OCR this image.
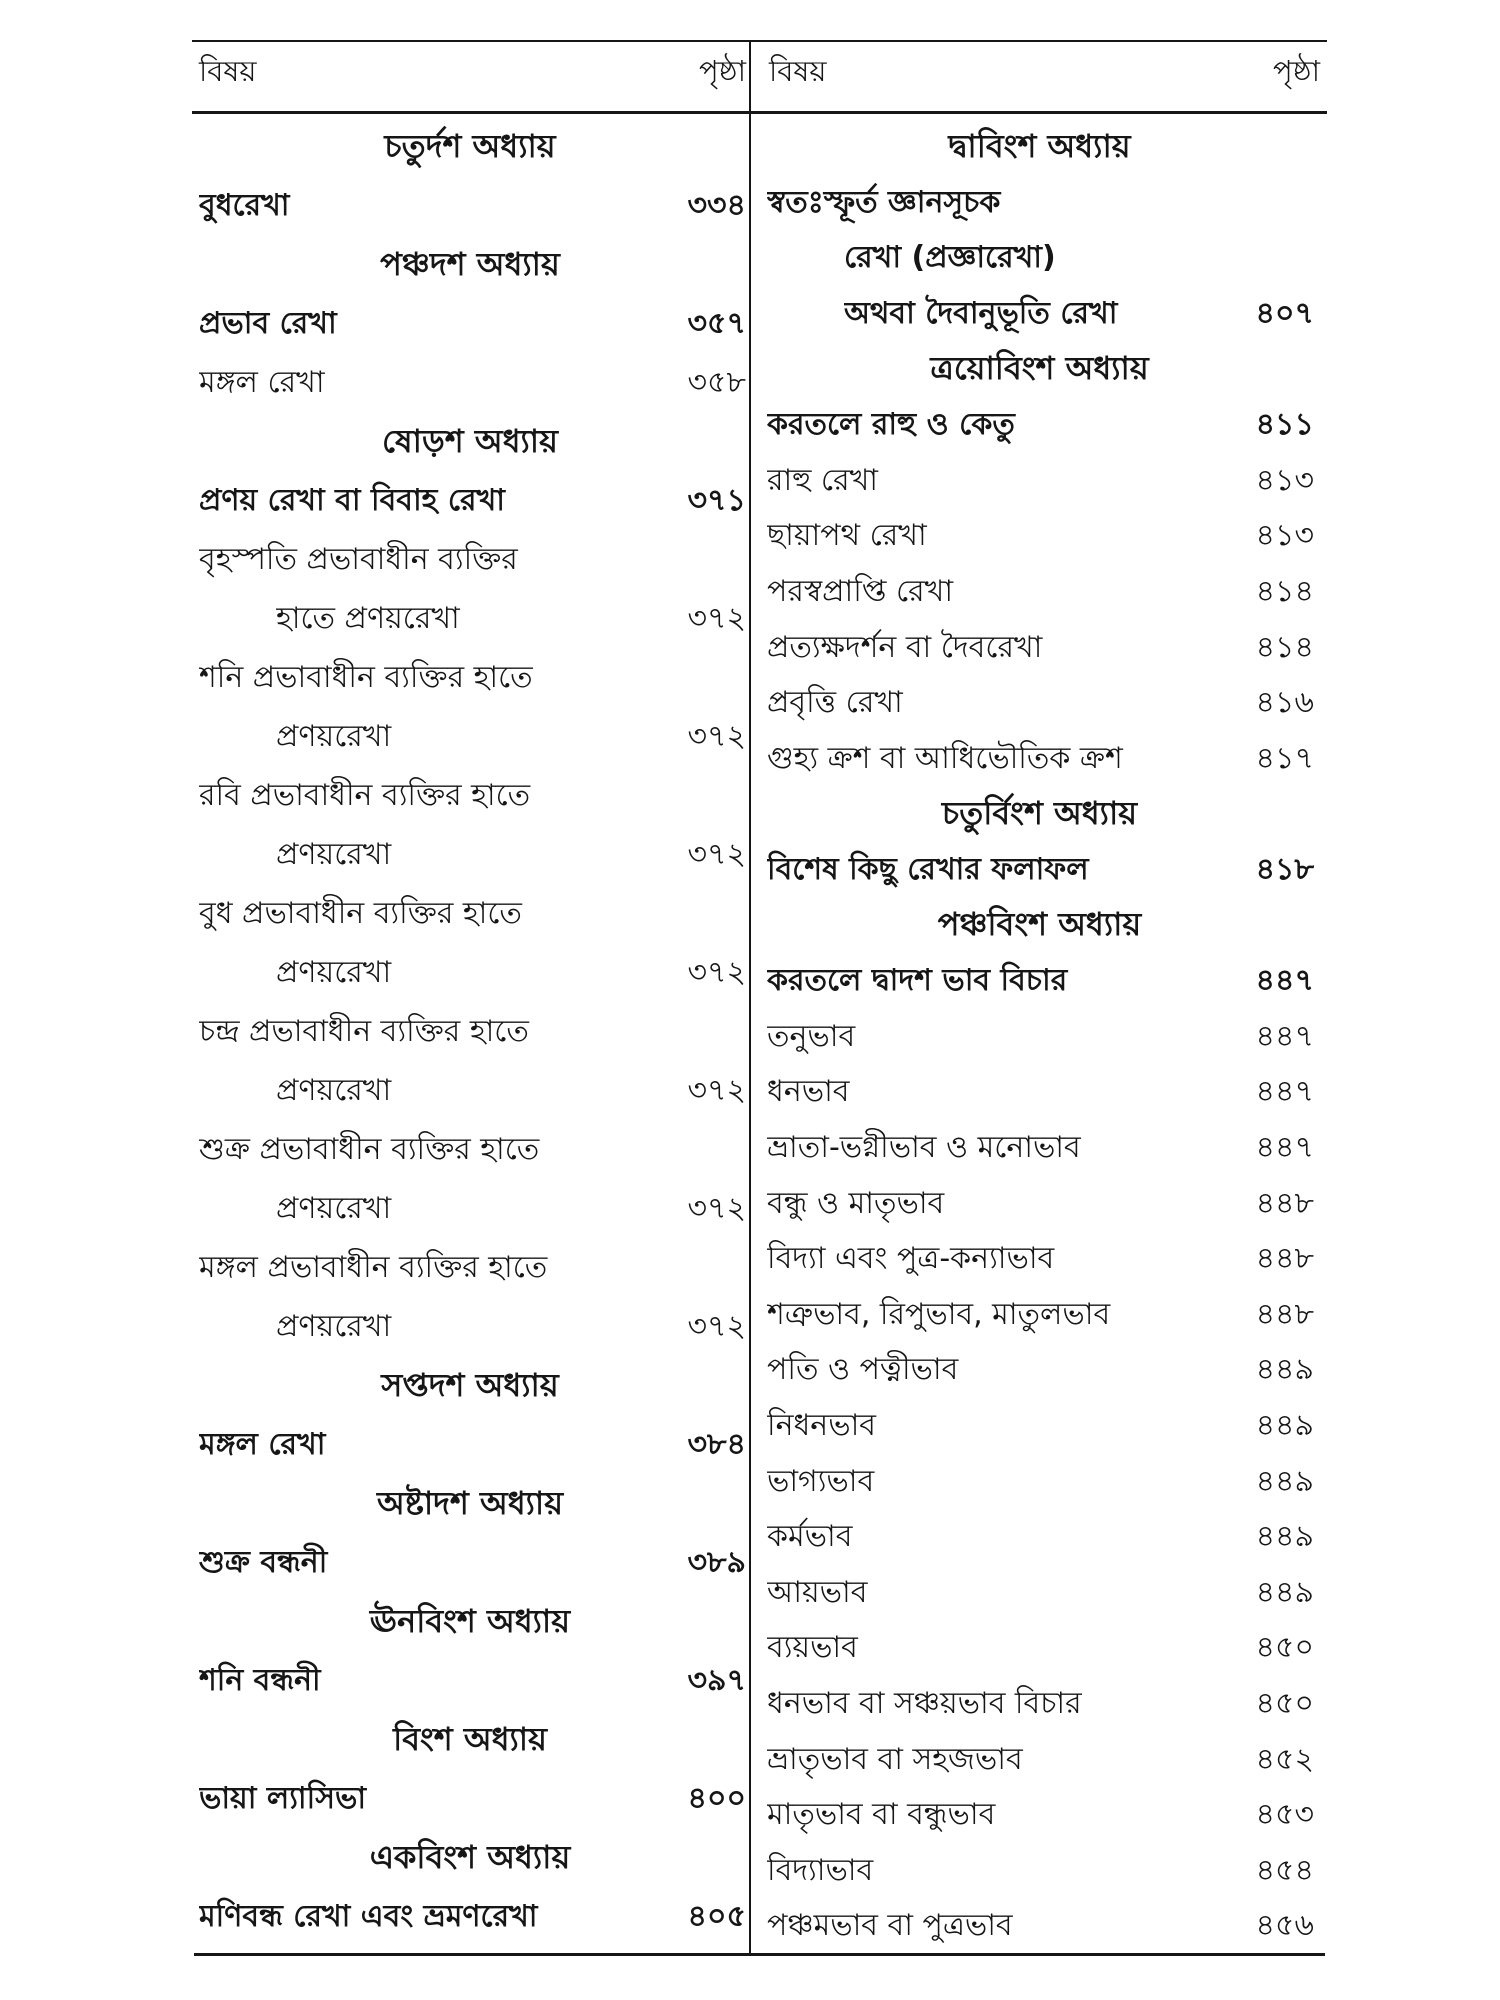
বিষয়	পৃষ্ঠা বিষয়	পৃষ্ঠা
চতুর্দশ অধ্যায়
বুধরেখা	৩৩৪
পঞ্চদশ অধ্যায়
প্রভাব রেখা	৩৫৭
মঙ্গল রেখা	৩৫৮
ষোড়শ অধ্যায়
প্রণয় রেখা বা বিবাহ রেখা	৩৭১
বৃহস্পতি প্রভাবাধীন ব্যক্তির
হাতে প্রণয়রেখা	৩৭২
শনি প্রভাবাধীন ব্যক্তির হাতে
প্রণয়রেখা	৩৭২
রবি প্রভাবাধীন ব্যক্তির হাতে
প্রণয়রেখা	৩৭২
বুধ প্রভাবাধীন ব্যক্তির হাতে
প্রণয়রেখা	৩৭২
চন্দ্র প্রভাবাধীন ব্যক্তির হাতে
প্রণয়রেখা	৩৭২
শুক্র প্রভাবাধীন ব্যক্তির হাতে
প্রণয়রেখা	৩৭২
মঙ্গল প্রভাবাধীন ব্যক্তির হাতে
প্রণয়রেখা	৩৭২
সপ্তদশ অধ্যায়
মঙ্গল রেখা	৩৮৪
অষ্টাদশ অধ্যায়
শুক্র বন্ধনী	৩৮৯
ঊনবিংশ অধ্যায়
শনি বন্ধনী	৩৯৭
বিংশ অধ্যায়
ভায়া ল্যাসিভা	৪০০
একবিংশ অধ্যায়
মণিবন্ধ রেখা এবং ভ্রমণরেখা	৪০৫
দ্বাবিংশ অধ্যায়
স্বতঃস্ফূর্ত জ্ঞানসূচক
রেখা (প্রজ্ঞারেখা)
অথবা দৈবানুভূতি রেখা	৪০৭
ত্রয়োবিংশ অধ্যায়
করতলে রাহু ও কেতু	৪১১
রাহু রেখা	৪১৩
ছায়াপথ রেখা	৪১৩
পরস্বপ্রাপ্তি রেখা	৪১৪
প্রত্যক্ষদর্শন বা দৈবরেখা	৪১৪
প্রবৃত্তি রেখা	৪১৬
গুহ্য ক্রশ বা আধিভৌতিক ক্রশ	৪১৭
চতুর্বিংশ অধ্যায়
বিশেষ কিছু রেখার ফলাফল	৪১৮
পঞ্চবিংশ অধ্যায়
করতলে দ্বাদশ ভাব বিচার	৪৪৭
তনুভাব	৪৪৭
ধনভাব	৪৪৭
ভ্রাতা-ভগ্নীভাব ও মনোভাব	৪৪৭
বন্ধু ও মাতৃভাব	৪৪৮
বিদ্যা এবং পুত্র-কন্যাভাব	৪৪৮
শত্রুভাব, রিপুভাব, মাতুলভাব	৪৪৮
পতি ও পত্নীভাব	৪৪৯
নিধনভাব	৪৪৯
ভাগ্যভাব	৪৪৯
কর্মভাব	৪৪৯
আয়ভাব	৪৪৯
ব্যয়ভাব	৪৫০
ধনভাব বা সঞ্চয়ভাব বিচার	৪৫০
ভ্রাতৃভাব বা সহজভাব	৪৫২
মাতৃভাব বা বন্ধুভাব	৪৫৩
বিদ্যাভাব	৪৫৪
পঞ্চমভাব বা পুত্রভাব	৪৫৬
